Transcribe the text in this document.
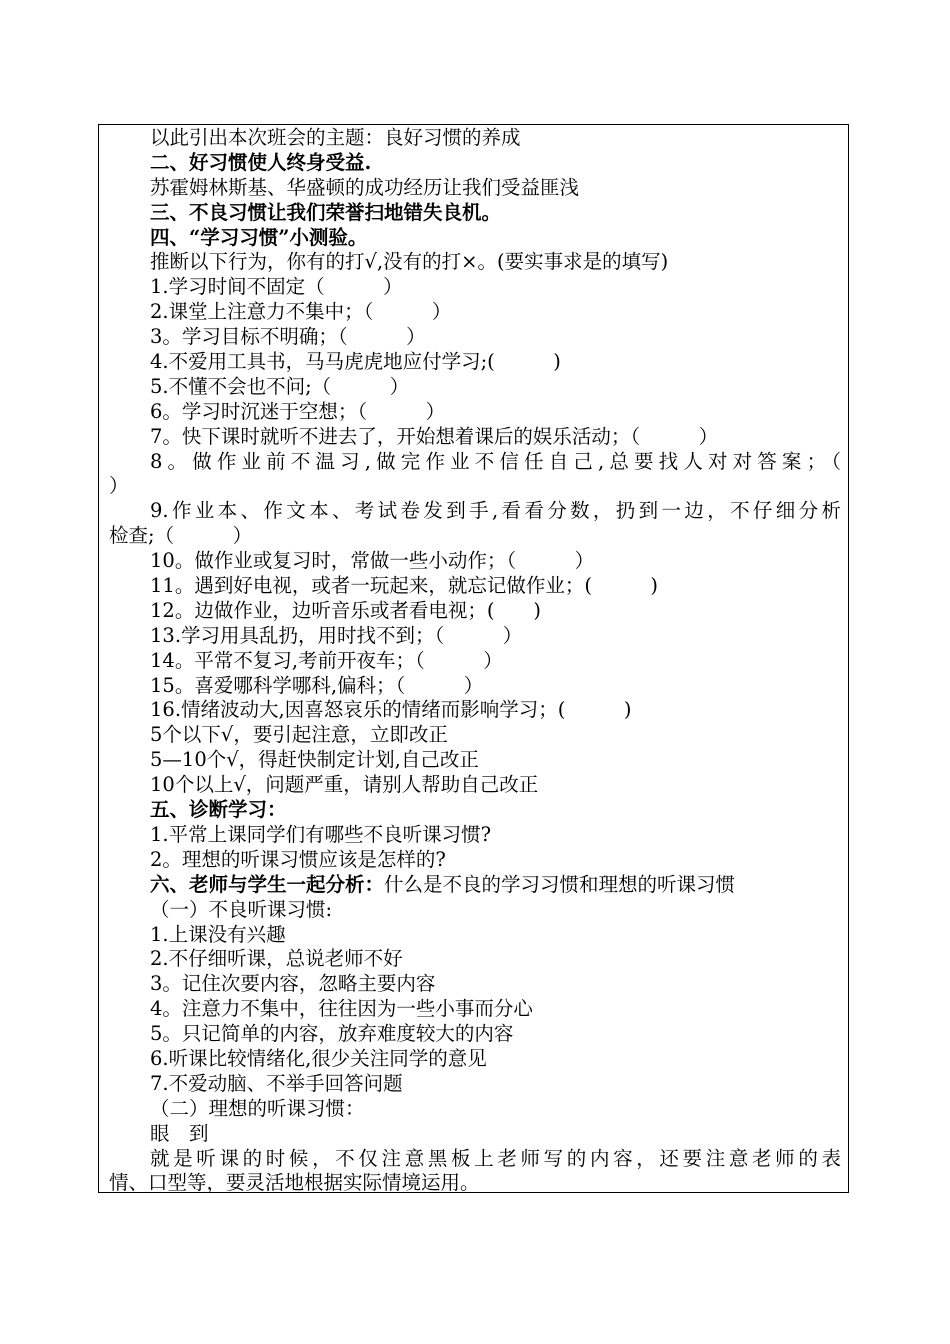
以此引出本次班会的主题：良好习惯的养成
二、好习惯使人终身受益.
苏霍姆林斯基、华盛顿的成功经历让我们受益匪浅
三、不良习惯让我们荣誉扫地错失良机。
四、“学习习惯”小测验。
推断以下行为，你有的打√,没有的打×。(要实事求是的填写)
1.学习时间不固定（　　　）
2.课堂上注意力不集中；（　　　）
3。学习目标不明确；（　　　）
4.不爱用工具书，马马虎虎地应付学习;(　　　)
5.不懂不会也不问;（　　　）
6。学习时沉迷于空想；（　　　）
7。快下课时就听不进去了，开始想着课后的娱乐活动；（　　　）
8。做作业前不温习,做完作业不信任自己,总要找人对对答案；（
）
9.作业本、作文本、考试卷发到手,看看分数，扔到一边，不仔细分析
检查;（　　　）
10。做作业或复习时，常做一些小动作；（　　　）
11。遇到好电视，或者一玩起来，就忘记做作业；(　　　)
12。边做作业，边听音乐或者看电视；(　　)
13.学习用具乱扔，用时找不到；（　　　）
14。平常不复习,考前开夜车；（　　　）
15。喜爱哪科学哪科,偏科；（　　　）
16.情绪波动大,因喜怒哀乐的情绪而影响学习；(　　　)
5个以下√，要引起注意，立即改正
5—10个√，得赶快制定计划,自己改正
10个以上√，问题严重，请别人帮助自己改正
五、诊断学习：
1.平常上课同学们有哪些不良听课习惯?
2。理想的听课习惯应该是怎样的?
六、老师与学生一起分析：什么是不良的学习习惯和理想的听课习惯
（一）不良听课习惯:
1.上课没有兴趣
2.不仔细听课，总说老师不好
3。记住次要内容，忽略主要内容
4。注意力不集中，往往因为一些小事而分心
5。只记简单的内容，放弃难度较大的内容
6.听课比较情绪化,很少关注同学的意见
7.不爱动脑、不举手回答问题
（二）理想的听课习惯：
眼　到
就是听课的时候，不仅注意黑板上老师写的内容，还要注意老师的表
情、口型等，要灵活地根据实际情境运用。
